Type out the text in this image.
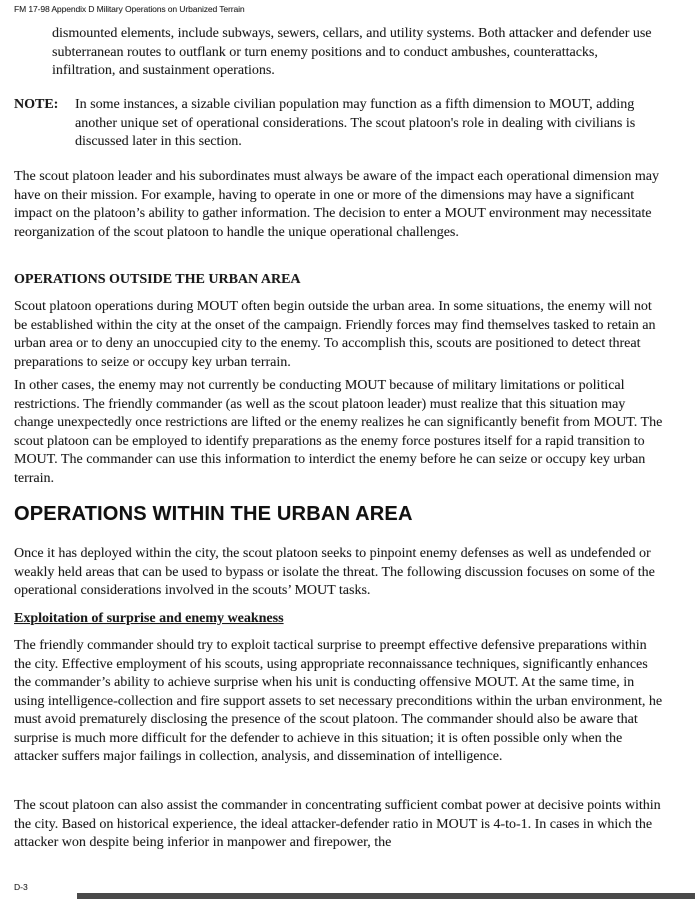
FM 17-98 Appendix D Military Operations on Urbanized Terrain

dismounted elements, include subways, sewers, cellars, and utility systems. Both attacker and defender use subterranean routes to outflank or turn enemy positions and to conduct ambushes, counterattacks, infiltration, and sustainment operations.

NOTE: In some instances, a sizable civilian population may function as a fifth dimension to MOUT, adding another unique set of operational considerations. The scout platoon's role in dealing with civilians is discussed later in this section.

The scout platoon leader and his subordinates must always be aware of the impact each operational dimension may have on their mission. For example, having to operate in one or more of the dimensions may have a significant impact on the platoon’s ability to gather information. The decision to enter a MOUT environment may necessitate reorganization of the scout platoon to handle the unique operational challenges.

OPERATIONS OUTSIDE THE URBAN AREA

Scout platoon operations during MOUT often begin outside the urban area. In some situations, the enemy will not be established within the city at the onset of the campaign. Friendly forces may find themselves tasked to retain an urban area or to deny an unoccupied city to the enemy. To accomplish this, scouts are positioned to detect threat preparations to seize or occupy key urban terrain.

In other cases, the enemy may not currently be conducting MOUT because of military limitations or political restrictions. The friendly commander (as well as the scout platoon leader) must realize that this situation may change unexpectedly once restrictions are lifted or the enemy realizes he can significantly benefit from MOUT. The scout platoon can be employed to identify preparations as the enemy force postures itself for a rapid transition to MOUT. The commander can use this information to interdict the enemy before he can seize or occupy key urban terrain.

OPERATIONS WITHIN THE URBAN AREA

Once it has deployed within the city, the scout platoon seeks to pinpoint enemy defenses as well as undefended or weakly held areas that can be used to bypass or isolate the threat. The following discussion focuses on some of the operational considerations involved in the scouts’ MOUT tasks.

Exploitation of surprise and enemy weakness

The friendly commander should try to exploit tactical surprise to preempt effective defensive preparations within the city. Effective employment of his scouts, using appropriate reconnaissance techniques, significantly enhances the commander’s ability to achieve surprise when his unit is conducting offensive MOUT. At the same time, in using intelligence-collection and fire support assets to set necessary preconditions within the urban environment, he must avoid prematurely disclosing the presence of the scout platoon. The commander should also be aware that surprise is much more difficult for the defender to achieve in this situation; it is often possible only when the attacker suffers major failings in collection, analysis, and dissemination of intelligence.

The scout platoon can also assist the commander in concentrating sufficient combat power at decisive points within the city. Based on historical experience, the ideal attacker-defender ratio in MOUT is 4-to-1. In cases in which the attacker won despite being inferior in manpower and firepower, the

D-3
